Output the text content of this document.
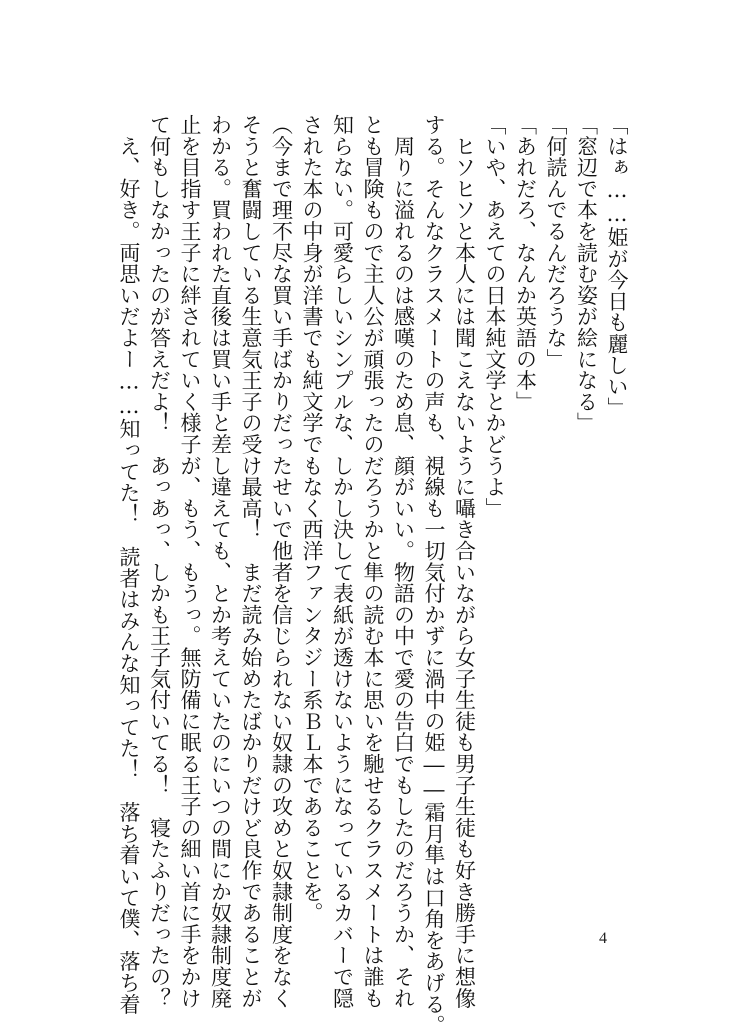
「はぁ……姫が今日も麗しい」

「窓辺で本を読む姿が絵になる」

「何読んでるんだろうな」

「あれだろ、なんか英語の本」

「いや、あえての日本純文学とかどうよ」

　ヒソヒソと本人には聞こえないように囁き合いながら女子生徒も男子生徒も好き勝手に想像

する。そんなクラスメートの声も、視線も一切気付かずに渦中の姫――霜月隼は口角をあげる。

　周りに溢れるのは感嘆のため息、顔がいい。物語の中で愛の告白でもしたのだろうか、それ

とも冒険もので主人公が頑張ったのだろうかと隼の読む本に思いを馳せるクラスメートは誰も

知らない。可愛らしいシンプルな、しかし決して表紙が透けないようになっているカバーで隠

された本の中身が洋書でも純文学でもなく西洋ファンタジー系ＢＬ本であることを。

（今まで理不尽な買い手ばかりだったせいで他者を信じられない奴隷の攻めと奴隷制度をなく

そうと奮闘している生意気王子の受け最高！　まだ読み始めたばかりだけど良作であることが

わかる。買われた直後は買い手と差し違えても、とか考えていたのにいつの間にか奴隷制度廃

止を目指す王子に絆されていく様子が、もう、もうっ。無防備に眠る王子の細い首に手をかけ

て何もしなかったのが答えだよ！　あっあっ、しかも王子気付いてる！　寝たふりだったの？

　え、好き。両思いだよー……知ってた！　読者はみんな知ってた！　落ち着いて僕、落ち着	4
